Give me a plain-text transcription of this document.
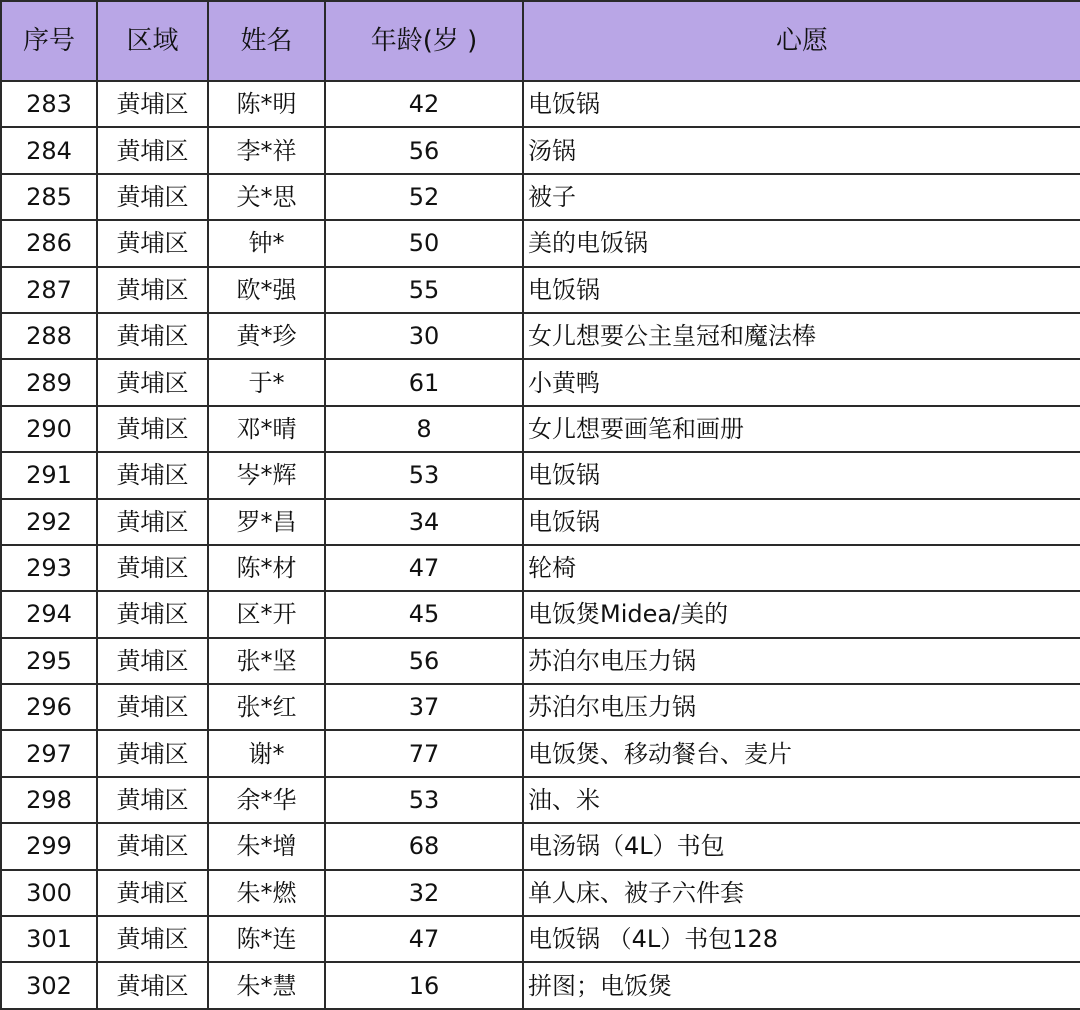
序号	区域	姓名	年龄(岁 )	心愿
283	黄埔区	陈*明	42	电饭锅
284	黄埔区	李*祥	56	汤锅
285	黄埔区	关*思	52	被子
286	黄埔区	钟*	50	美的电饭锅
287	黄埔区	欧*强	55	电饭锅
288	黄埔区	黄*珍	30	女儿想要公主皇冠和魔法棒
289	黄埔区	于*	61	小黄鸭
290	黄埔区	邓*晴	8	女儿想要画笔和画册
291	黄埔区	岑*辉	53	电饭锅
292	黄埔区	罗*昌	34	电饭锅
293	黄埔区	陈*材	47	轮椅
294	黄埔区	区*开	45	电饭煲Midea/美的
295	黄埔区	张*坚	56	苏泊尔电压力锅
296	黄埔区	张*红	37	苏泊尔电压力锅
297	黄埔区	谢*	77	电饭煲、移动餐台、麦片
298	黄埔区	余*华	53	油、米
299	黄埔区	朱*增	68	电汤锅（4L）书包
300	黄埔区	朱*燃	32	单人床、被子六件套
301	黄埔区	陈*连	47	电饭锅 （4L）书包128
302	黄埔区	朱*慧	16	拼图；电饭煲
